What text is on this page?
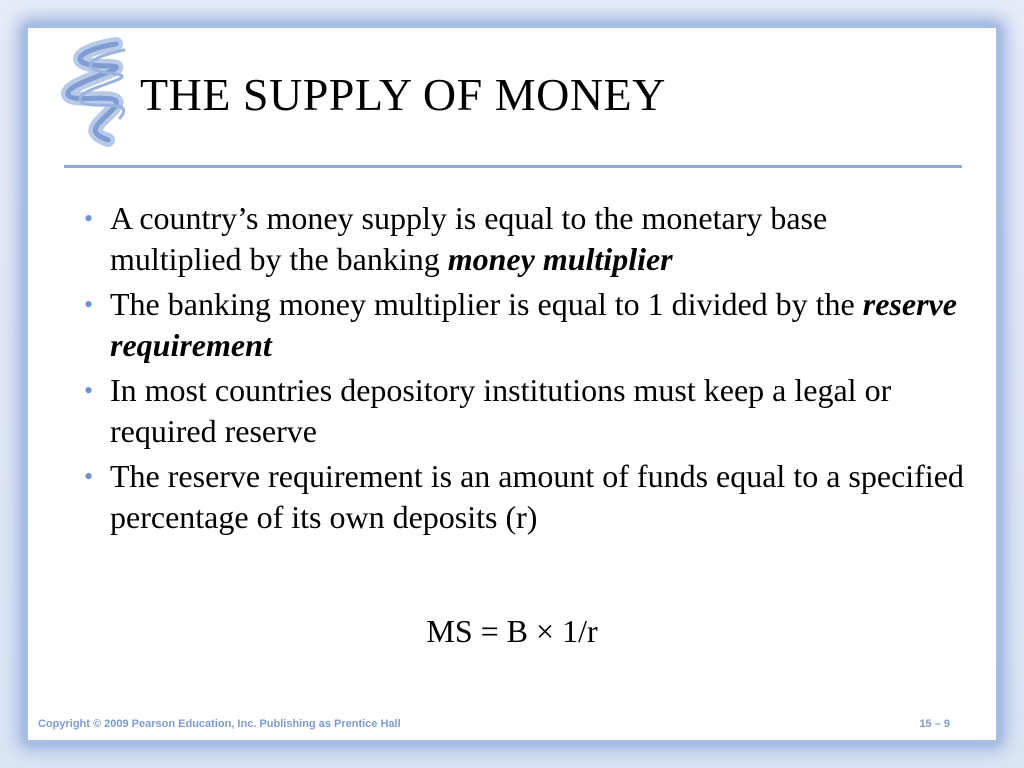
THE SUPPLY OF MONEY
• A country’s money supply is equal to the monetary base multiplied by the banking money multiplier
• The banking money multiplier is equal to 1 divided by the reserve requirement
• In most countries depository institutions must keep a legal or required reserve
• The reserve requirement is an amount of funds equal to a specified percentage of its own deposits (r)
MS = B × 1/r
Copyright © 2009 Pearson Education, Inc. Publishing as Prentice Hall	15 – 9
